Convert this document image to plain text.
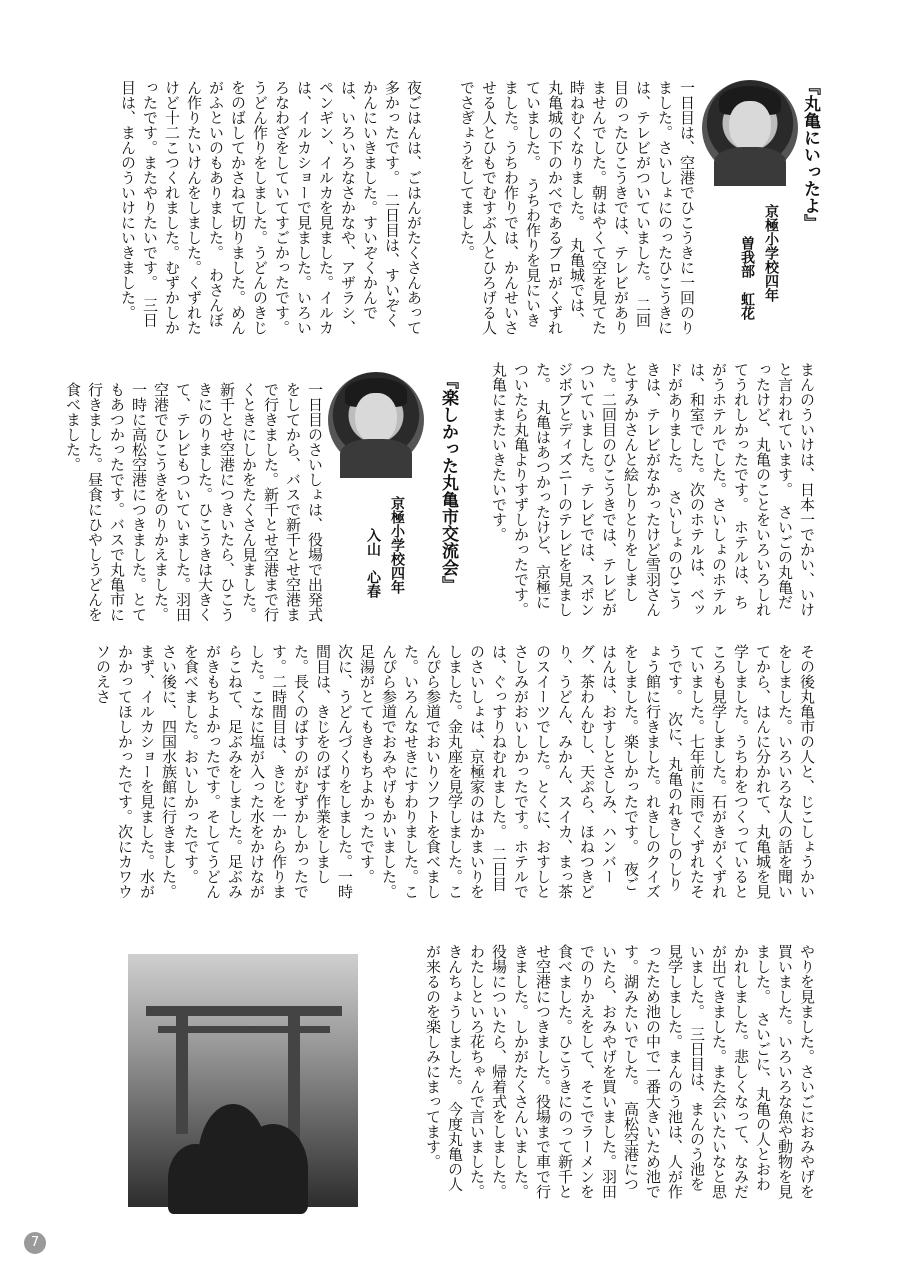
『丸亀にいったよ』
京極小学校四年
曽我部　虹花
一日目は、空港でひこうきに一回のりました。さいしょにのったひこうきには、テレビがついていました。　二回目のったひこうきでは、テレビがありませんでした。朝はやくて空を見てた時ねむくなりました。　丸亀城では、丸亀城の下のかべであるブロがくずれていました。　うちわ作りを見にいきました。うちわ作りでは、かんせいさせる人とひもでむすぶ人とひろげる人でさぎょうをしてました。
夜ごはんは、ごはんがたくさんあって多かったです。　二日目は、すいぞくかんにいきました。すいぞくかんでは、いろいろなさかなや、アザラシ、ペンギン、イルカを見ました。イルカは、イルカショーで見ました。いろいろなわざをしていてすごかったです。　うどん作りをしました。うどんのきじをのばしてかさねて切りました。めんがふといのもありました。　わさんぼん作りたいけんをしました。くずれたけど十二こつくれました。むずかしかったです。またやりたいです。　三日目は、まんのういけにいきました。
まんのういけは、日本一でかい、いけと言われています。　さいごの丸亀だったけど、丸亀のことをいろいろしれてうれしかったです。　ホテルは、ちがうホテルでした。さいしょのホテルは、和室でした。次のホテルは、ベッドがありました。　さいしょのひこうきは、テレビがなかったけど雪羽さんとすみかさんと絵しりとりをしました。二回目のひこうきでは、テレビがついていました。テレビでは、スポンジボブとディズニーのテレビを見ました。　丸亀はあつかったけど、京極についたら丸亀よりすずしかったです。　丸亀にまたいきたいです。
『楽しかった丸亀市交流会』
京極小学校四年
入山　心春
一日目のさいしょは、役場で出発式をしてから、バスで新千とせ空港まで行きました。新千とせ空港まで行くときにしかをたくさん見ました。新千とせ空港につきいたら、ひこうきにのりました。ひこうきは大きくて、テレビもついていました。羽田空港でひこうきをのりかえました。　一時に高松空港につきました。とてもあつかったです。バスで丸亀市に行きました。昼食にひやしうどんを食べました。
その後丸亀市の人と、じこしょうかいをしました。いろいろな人の話を聞いてから、はんに分かれて、丸亀城を見学しました。うちわをつくっているところも見学しました。石がきがくずれていました。七年前に雨でくずれたそうです。　次に、丸亀のれきしのしりょう館に行きました。れきしのクイズをしました。楽しかったです。　夜ごはんは、おすしとさしみ、ハンバーグ、茶わんむし、天ぷら、ほねつきどり、うどん、みかん、スイカ、まっ茶のスイーツでした。とくに、おすしとさしみがおいしかったです。ホテルでは、ぐっすりねむれました。　二日目のさいしょは、京極家のはかまいりをしました。金丸座を見学しました。こんぴら参道でおいりソフトを食べました。いろんなせきにすわりました。こんぴら参道でおみやげもかいました。足湯がとてもきもちよかったです。　次に、うどんづくりをしました。一時間目は、きじをのばす作業をしました。長くのばすのがむずかしかったです。二時間目は、きじを一から作りました。こなに塩が入った水をかけながらこねて、足ぶみをしました。足ぶみがきもちよかったです。そしてうどんを食べました。おいしかったです。　さい後に、四国水族館に行きました。まず、イルカショーを見ました。水がかかってほしかったです。次にカワウソのえさ
やりを見ました。さいごにおみやげを買いました。いろいろな魚や動物を見ました。　さいごに、丸亀の人とおわかれしました。悲しくなって、なみだが出てきました。また会いたいなと思いました。　三日目は、まんのう池を見学しました。まんのう池は、人が作ったため池の中で一番大きいため池です。湖みたいでした。　高松空港についたら、おみやげを買いました。羽田でのりかえをして、そこでラーメンを食べました。ひこうきにのって新千とせ空港につきました。役場まで車で行きました。しかがたくさんいました。役場についたら、帰着式をしました。わたしといろ花ちゃんで言いました。きんちょうしました。　今度丸亀の人が来るのを楽しみにまってます。
7
